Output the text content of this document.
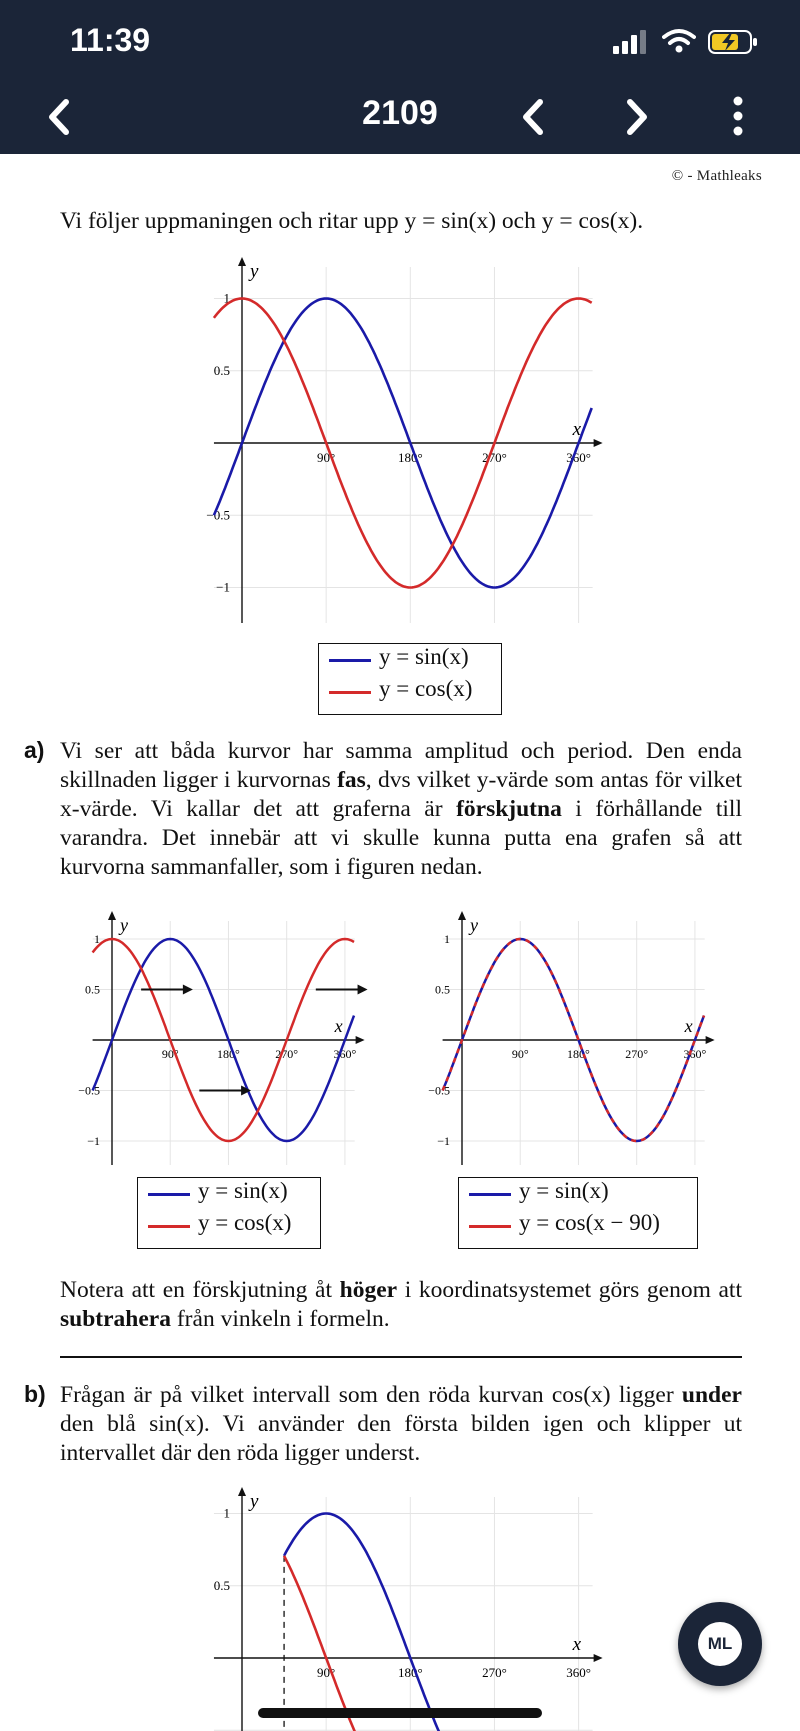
11:39
2109
© - Mathleaks
Vi följer uppmaningen och ritar upp y = sin(x) och y = cos(x).
x
y
90°	180°	270°	360°
1
0.5
−0.5
−1
y = sin(x)
y = cos(x)
a) Vi ser att båda kurvor har samma amplitud och period. Den enda skillnaden ligger i kurvornas fas, dvs vilket y-värde som antas för vilket x-värde. Vi kallar det att graferna är förskjutna i förhållande till varandra. Det innebär att vi skulle kunna putta ena grafen så att kurvorna sammanfaller, som i figuren nedan.
x
y
90°	180°	270°	360°
1
0.5
−0.5
−1
x
y
90°	180°	270°	360°
1
0.5
−0.5
−1
y = sin(x)
y = cos(x)
y = sin(x)
y = cos(x − 90)
Notera att en förskjutning åt höger i koordinatsystemet görs genom att subtrahera från vinkeln i formeln.
b) Frågan är på vilket intervall som den röda kurvan cos(x) ligger under den blå sin(x). Vi använder den första bilden igen och klipper ut intervallet där den röda ligger underst.
x
y
90°	180°	270°	360°
1
0.5
ML
